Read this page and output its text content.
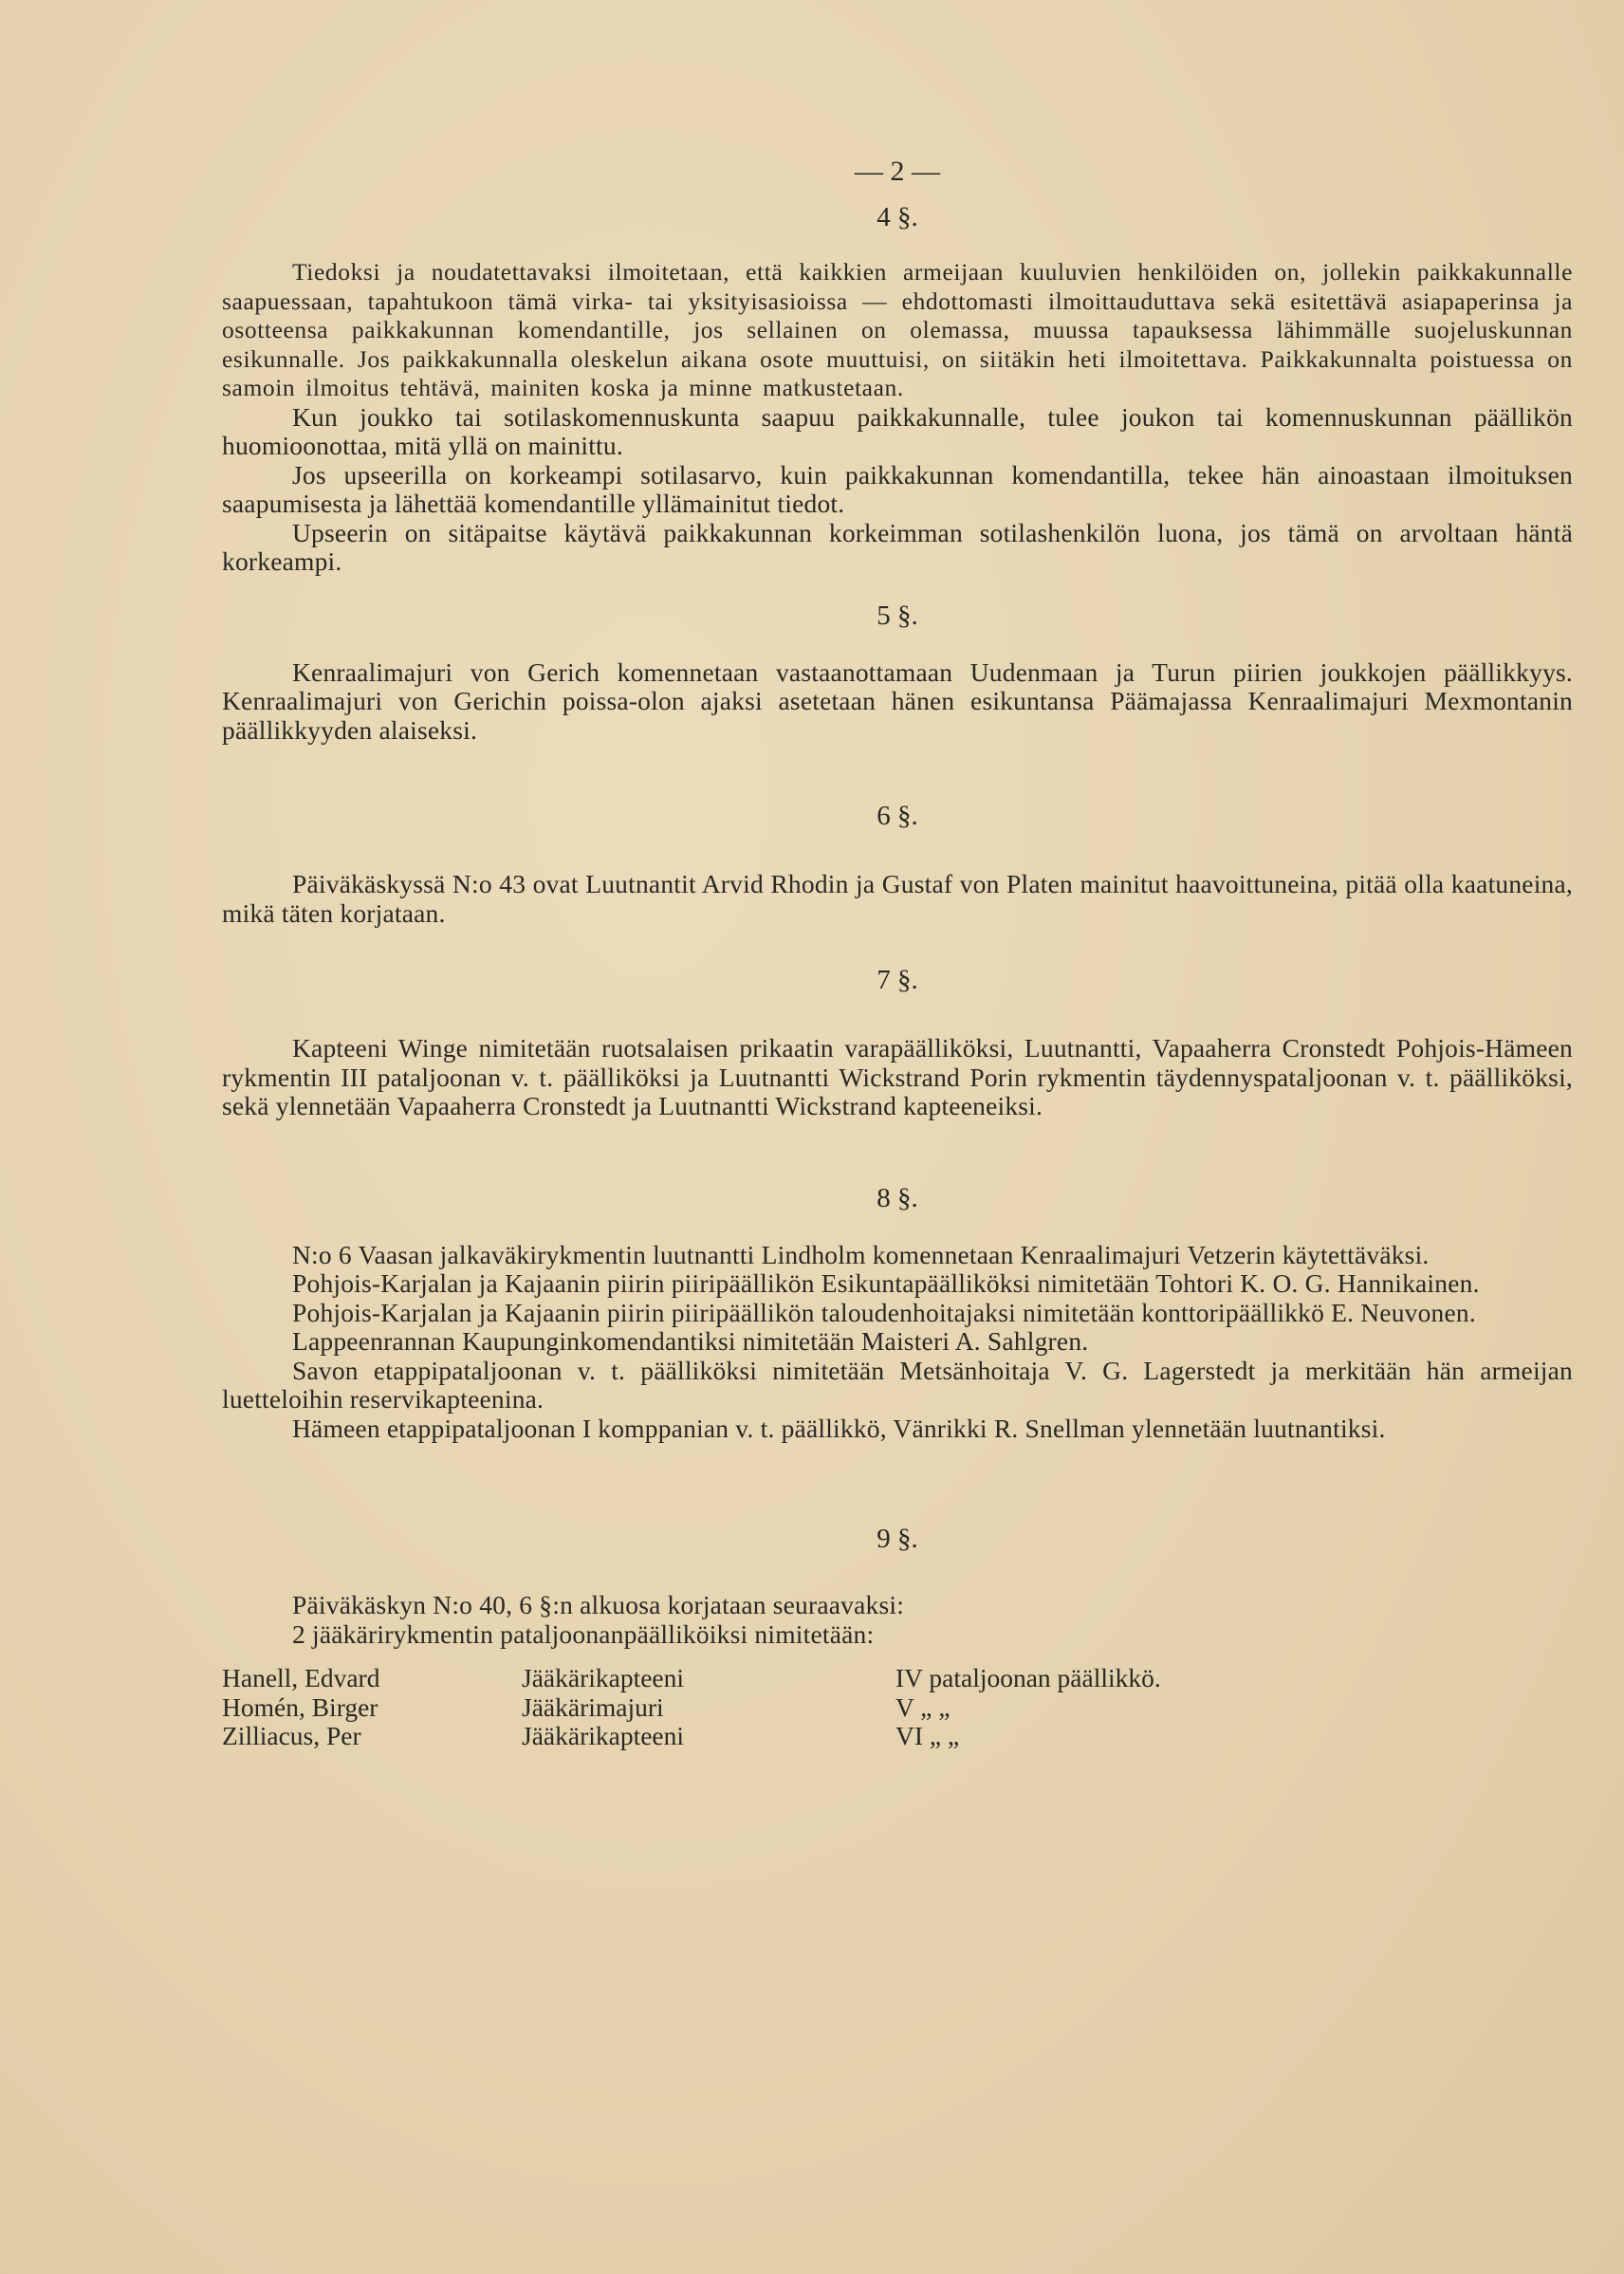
— 2 —
4 §.

Tiedoksi ja noudatettavaksi ilmoitetaan, että kaikkien armeijaan kuuluvien henkilöiden on, jollekin paikkakunnalle saapuessaan, tapahtukoon tämä virka- tai yksityisasioissa — ehdottomasti ilmoittauduttava sekä esitettävä asiapaperinsa ja osotteensa paikkakunnan komendantille, jos sellainen on olemassa, muussa tapauksessa lähimmälle suojeluskunnan esikunnalle. Jos paikkakunnalla oleskelun aikana osote muuttuisi, on siitäkin heti ilmoitettava. Paikkakunnalta poistuessa on samoin ilmoitus tehtävä, mainiten koska ja minne matkustetaan.

Kun joukko tai sotilaskomennuskunta saapuu paikkakunnalle, tulee joukon tai komennuskunnan päällikön huomioonottaa, mitä yllä on mainittu.

Jos upseerilla on korkeampi sotilasarvo, kuin paikkakunnan komendantilla, tekee hän ainoastaan ilmoituksen saapumisesta ja lähettää komendantille yllämainitut tiedot.

Upseerin on sitäpaitse käytävä paikkakunnan korkeimman sotilashenkilön luona, jos tämä on arvoltaan häntä korkeampi.

5 §.

Kenraalimajuri von Gerich komennetaan vastaanottamaan Uudenmaan ja Turun piirien joukkojen päällikkyys. Kenraalimajuri von Gerichin poissa-olon ajaksi asetetaan hänen esikuntansa Päämajassa Kenraalimajuri Mexmontanin päällikkyyden alaiseksi.

6 §.

Päiväkäskyssä N:o 43 ovat Luutnantit Arvid Rhodin ja Gustaf von Platen mainitut haavoittuneina, pitää olla kaatuneina, mikä täten korjataan.

7 §.

Kapteeni Winge nimitetään ruotsalaisen prikaatin varapäälliköksi, Luutnantti, Vapaaherra Cronstedt Pohjois-Hämeen rykmentin III pataljoonan v. t. päälliköksi ja Luutnantti Wickstrand Porin rykmentin täydennyspataljoonan v. t. päälliköksi, sekä ylennetään Vapaaherra Cronstedt ja Luutnantti Wickstrand kapteeneiksi.

8 §.

N:o 6 Vaasan jalkaväkirykmentin luutnantti Lindholm komennetaan Kenraalimajuri Vetzerin käytettäväksi.

Pohjois-Karjalan ja Kajaanin piirin piiripäällikön Esikuntapäälliköksi nimitetään Tohtori K. O. G. Hannikainen.

Pohjois-Karjalan ja Kajaanin piirin piiripäällikön taloudenhoitajaksi nimitetään konttoripäällikkö E. Neuvonen.

Lappeenrannan Kaupunginkomendantiksi nimitetään Maisteri A. Sahlgren.

Savon etappipataljoonan v. t. päälliköksi nimitetään Metsänhoitaja V. G. Lagerstedt ja merkitään hän armeijan luetteloihin reservikapteenina.

Hämeen etappipataljoonan I komppanian v. t. päällikkö, Vänrikki R. Snellman ylennetään luutnantiksi.

9 §.

Päiväkäskyn N:o 40, 6 §:n alkuosa korjataan seuraavaksi:

2 jääkärirykmentin pataljoonanpäälliköiksi nimitetään:

Hanell, Edvard	Jääkärikapteeni	IV pataljoonan päällikkö.
Homén, Birger	Jääkärimajuri	V „ „
Zilliacus, Per	Jääkärikapteeni	VI „ „
